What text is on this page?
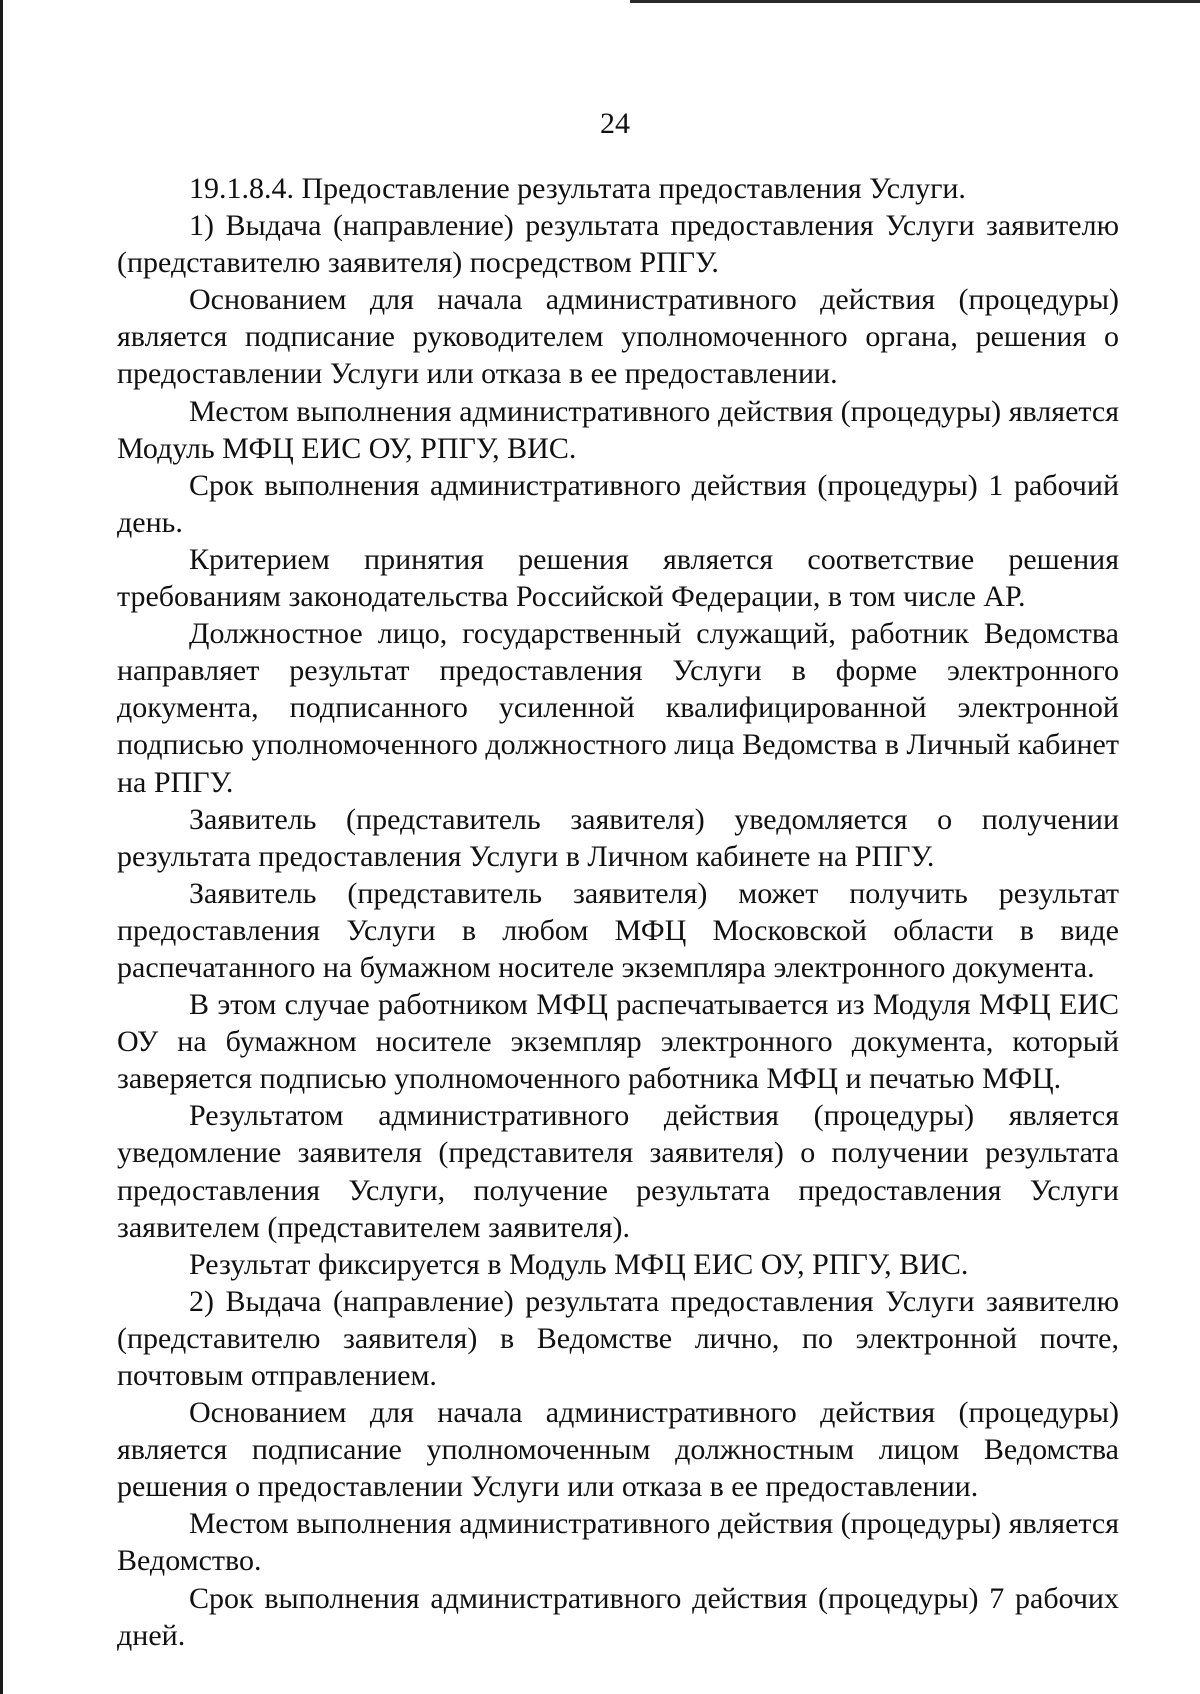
24

19.1.8.4. Предоставление результата предоставления Услуги.

1) Выдача (направление) результата предоставления Услуги заявителю (представителю заявителя) посредством РПГУ.

Основанием для начала административного действия (процедуры) является подписание руководителем уполномоченного органа, решения о предоставлении Услуги или отказа в ее предоставлении.

Местом выполнения административного действия (процедуры) является Модуль МФЦ ЕИС ОУ, РПГУ, ВИС.

Срок выполнения административного действия (процедуры) 1 рабочий день.

Критерием принятия решения является соответствие решения требованиям законодательства Российской Федерации, в том числе АР.

Должностное лицо, государственный служащий, работник Ведомства направляет результат предоставления Услуги в форме электронного документа, подписанного усиленной квалифицированной электронной подписью уполномоченного должностного лица Ведомства в Личный кабинет на РПГУ.

Заявитель (представитель заявителя) уведомляется о получении результата предоставления Услуги в Личном кабинете на РПГУ.

Заявитель (представитель заявителя) может получить результат предоставления Услуги в любом МФЦ Московской области в виде распечатанного на бумажном носителе экземпляра электронного документа.

В этом случае работником МФЦ распечатывается из Модуля МФЦ ЕИС ОУ на бумажном носителе экземпляр электронного документа, который заверяется подписью уполномоченного работника МФЦ и печатью МФЦ.

Результатом административного действия (процедуры) является уведомление заявителя (представителя заявителя) о получении результата предоставления Услуги, получение результата предоставления Услуги заявителем (представителем заявителя).

Результат фиксируется в Модуль МФЦ ЕИС ОУ, РПГУ, ВИС.

2) Выдача (направление) результата предоставления Услуги заявителю (представителю заявителя) в Ведомстве лично, по электронной почте, почтовым отправлением.

Основанием для начала административного действия (процедуры) является подписание уполномоченным должностным лицом Ведомства решения о предоставлении Услуги или отказа в ее предоставлении.

Местом выполнения административного действия (процедуры) является Ведомство.

Срок выполнения административного действия (процедуры) 7 рабочих дней.
